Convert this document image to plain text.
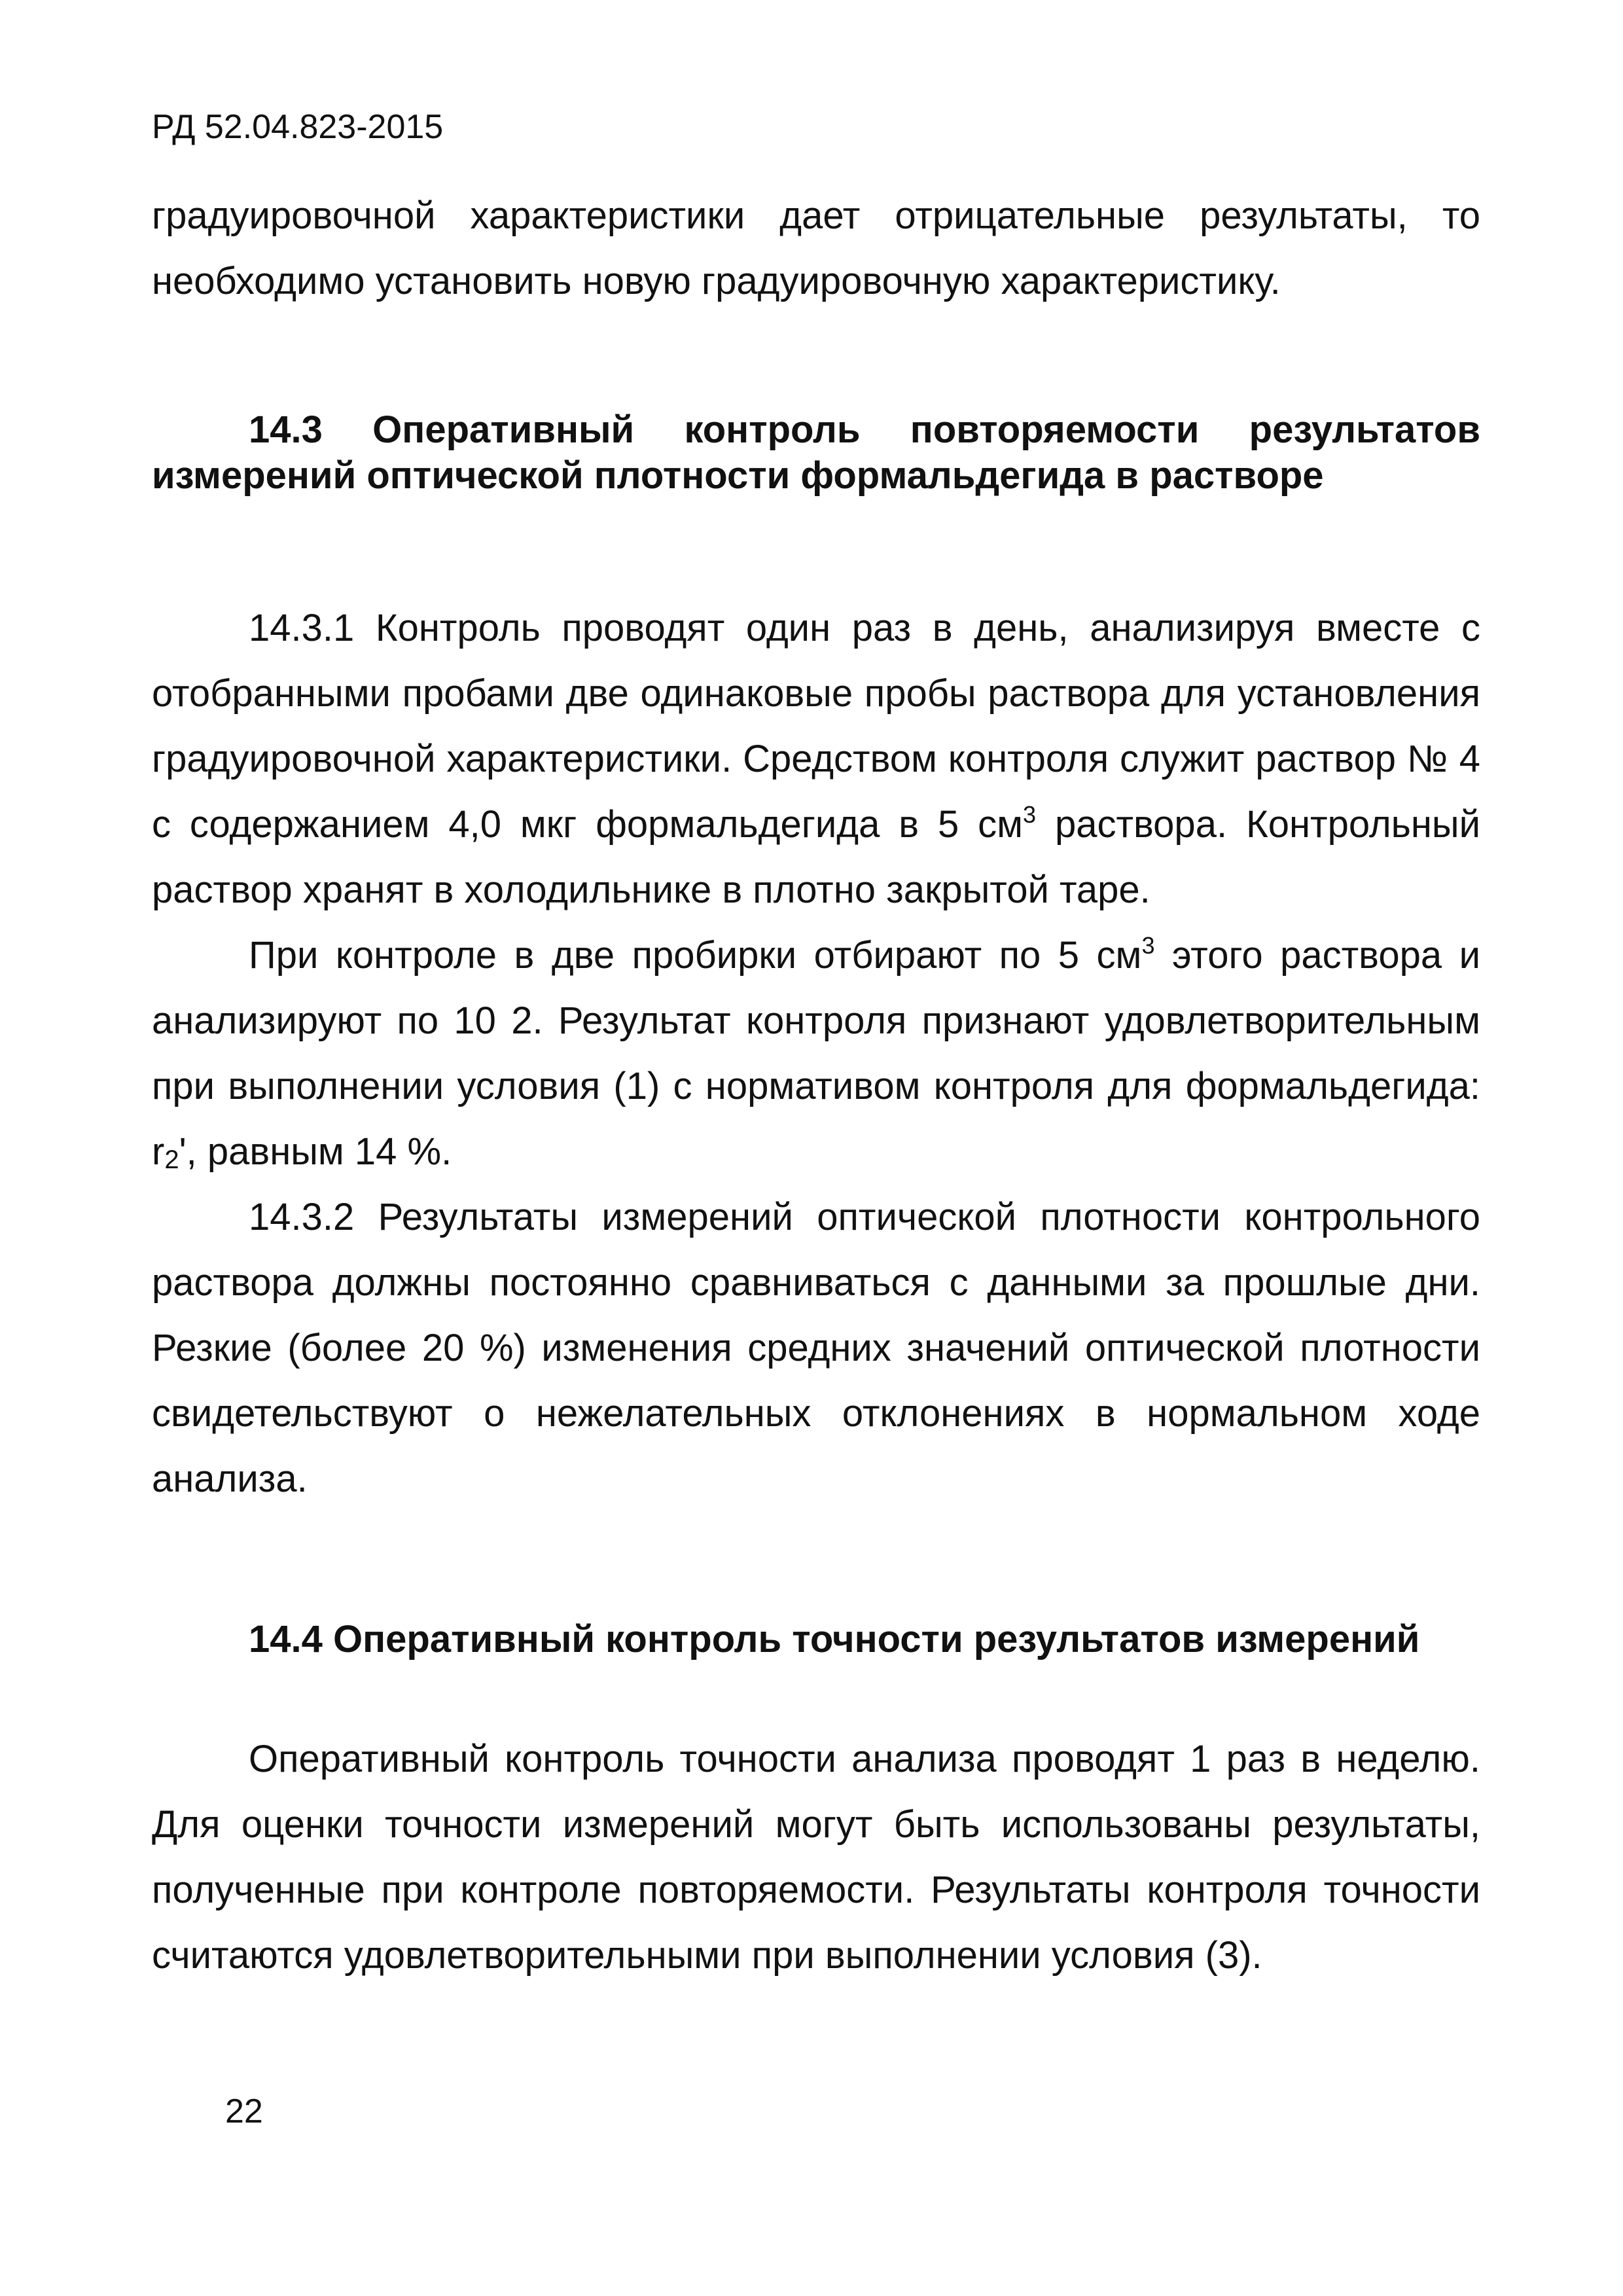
РД 52.04.823-2015

градуировочной характеристики дает отрицательные результаты, то необходимо установить новую градуировочную характеристику.

14.3 Оперативный контроль повторяемости результатов измерений оптической плотности формальдегида в растворе

14.3.1 Контроль проводят один раз в день, анализируя вместе с отобранными пробами две одинаковые пробы раствора для установления градуировочной характеристики. Средством контроля служит раствор № 4 с содержанием 4,0 мкг формальдегида в 5 $см^3$ раствора. Контрольный раствор хранят в холодильнике в плотно закрытой таре.

При контроле в две пробирки отбирают по 5 $см^3$ этого раствора и анализируют по 10 2. Результат контроля признают удовлетворительным при выполнении условия (1) с нормативом контроля для формальдегида: $r_2'$, равным 14 %.

14.3.2 Результаты измерений оптической плотности контрольного раствора должны постоянно сравниваться с данными за прошлые дни. Резкие (более 20 %) изменения средних значений оптической плотности свидетельствуют о нежелательных отклонениях в нормальном ходе анализа.

14.4 Оперативный контроль точности результатов измерений

Оперативный контроль точности анализа проводят 1 раз в неделю. Для оценки точности измерений могут быть использованы результаты, полученные при контроле повторяемости. Результаты контроля точности считаются удовлетворительными при выполнении условия (3).

22
